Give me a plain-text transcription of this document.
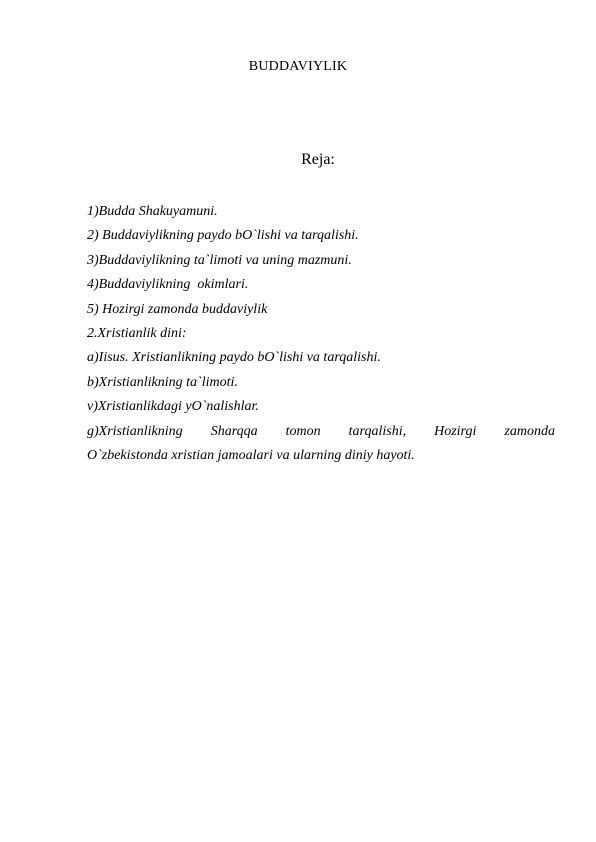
BUDDAVIYLIK
Reja:
1)Budda Shakuyamuni.
2) Buddaviylikning paydo bO`lishi va tarqalishi.
3)Buddaviylikning ta`limoti va uning mazmuni.
4)Buddaviylikning  okimlari.
5) Hozirgi zamonda buddaviylik
2.Xristianlik dini:
a)Iisus. Xristianlikning paydo bO`lishi va tarqalishi.
b)Xristianlikning ta`limoti.
v)Xristianlikdagi yO`nalishlar.
g)Xristianlikning Sharqqa tomon tarqalishi, Hozirgi zamonda
O`zbekistonda xristian jamoalari va ularning diniy hayoti.
